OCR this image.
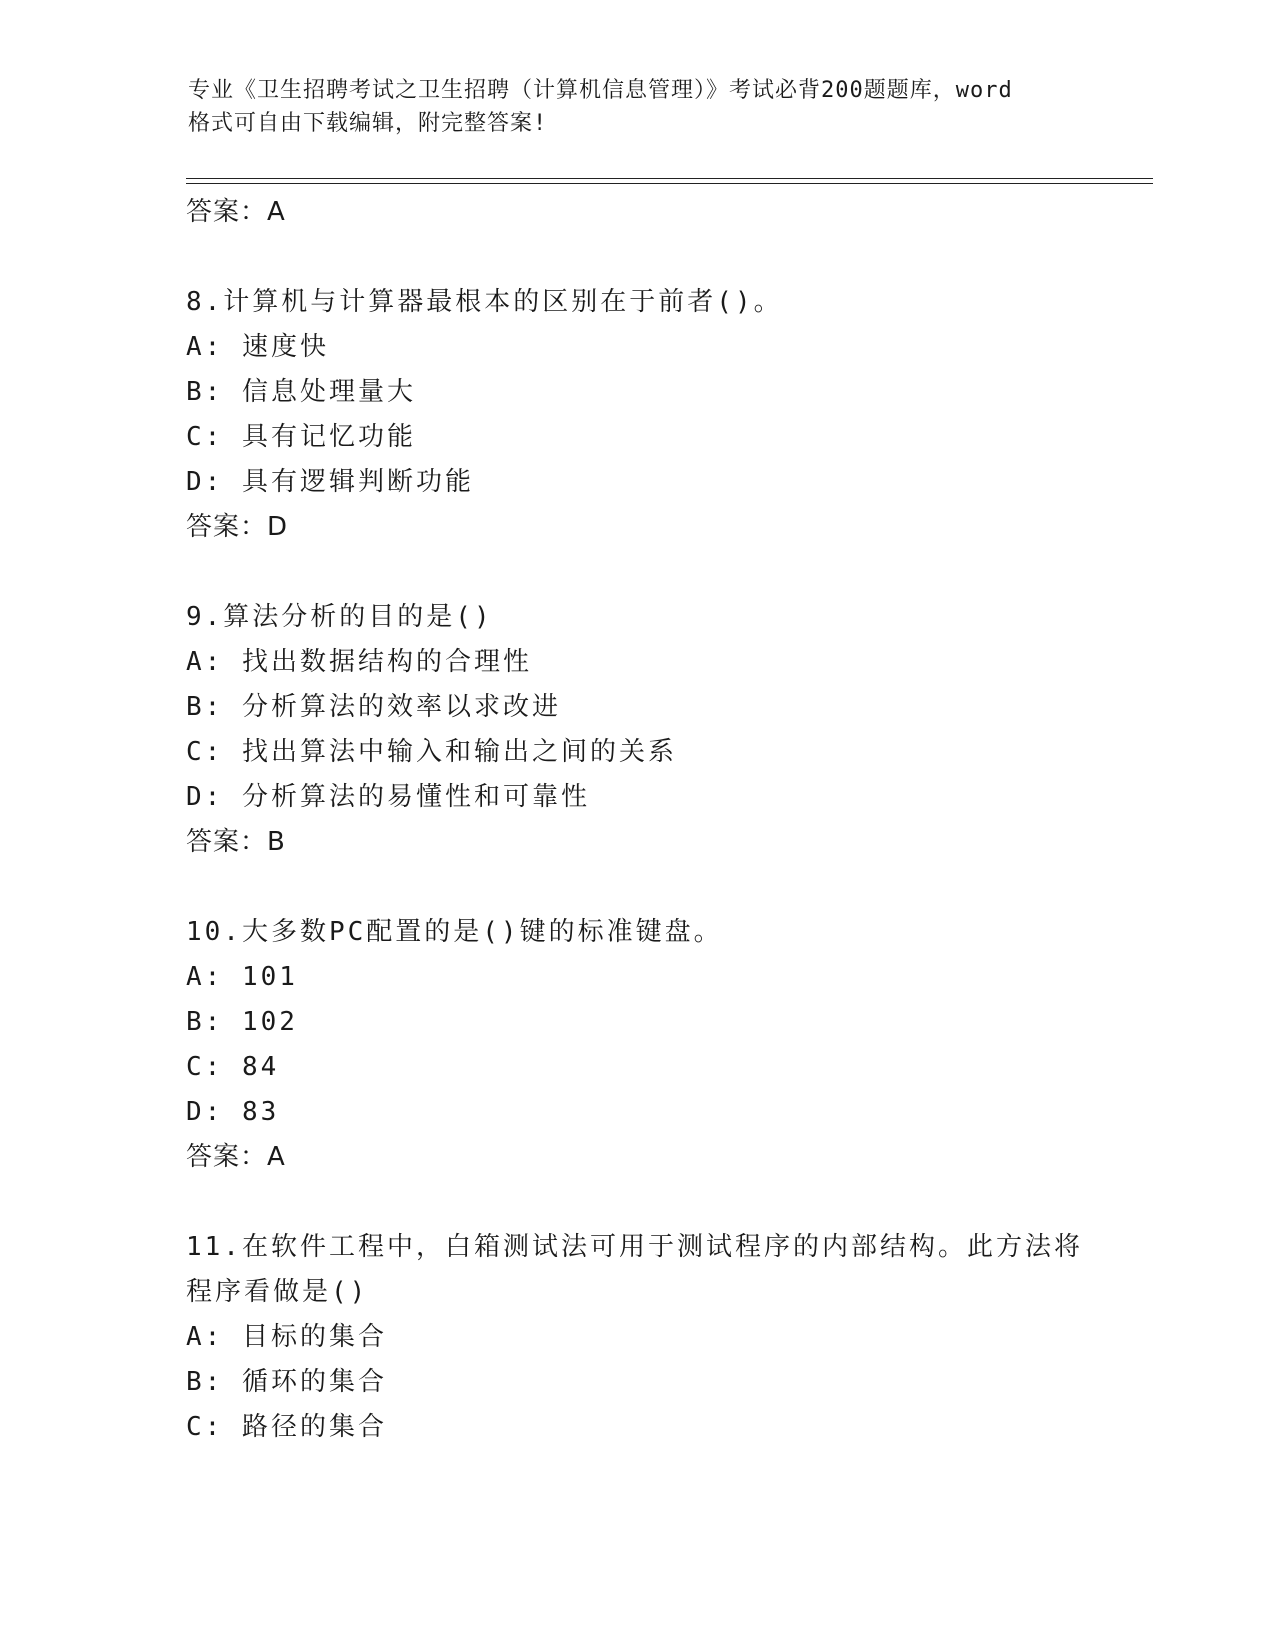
专业《卫生招聘考试之卫生招聘（计算机信息管理）》考试必背200题题库，word
格式可自由下载编辑，附完整答案!
答案：A
8.计算机与计算器最根本的区别在于前者()。
A: 速度快
B: 信息处理量大
C: 具有记忆功能
D: 具有逻辑判断功能
答案：D
9.算法分析的目的是()
A: 找出数据结构的合理性
B: 分析算法的效率以求改进
C: 找出算法中输入和输出之间的关系
D: 分析算法的易懂性和可靠性
答案：B
10.大多数PC配置的是()键的标准键盘。
A: 101
B: 102
C: 84
D: 83
答案：A
11.在软件工程中，白箱测试法可用于测试程序的内部结构。此方法将
程序看做是()
A: 目标的集合
B: 循环的集合
C: 路径的集合
